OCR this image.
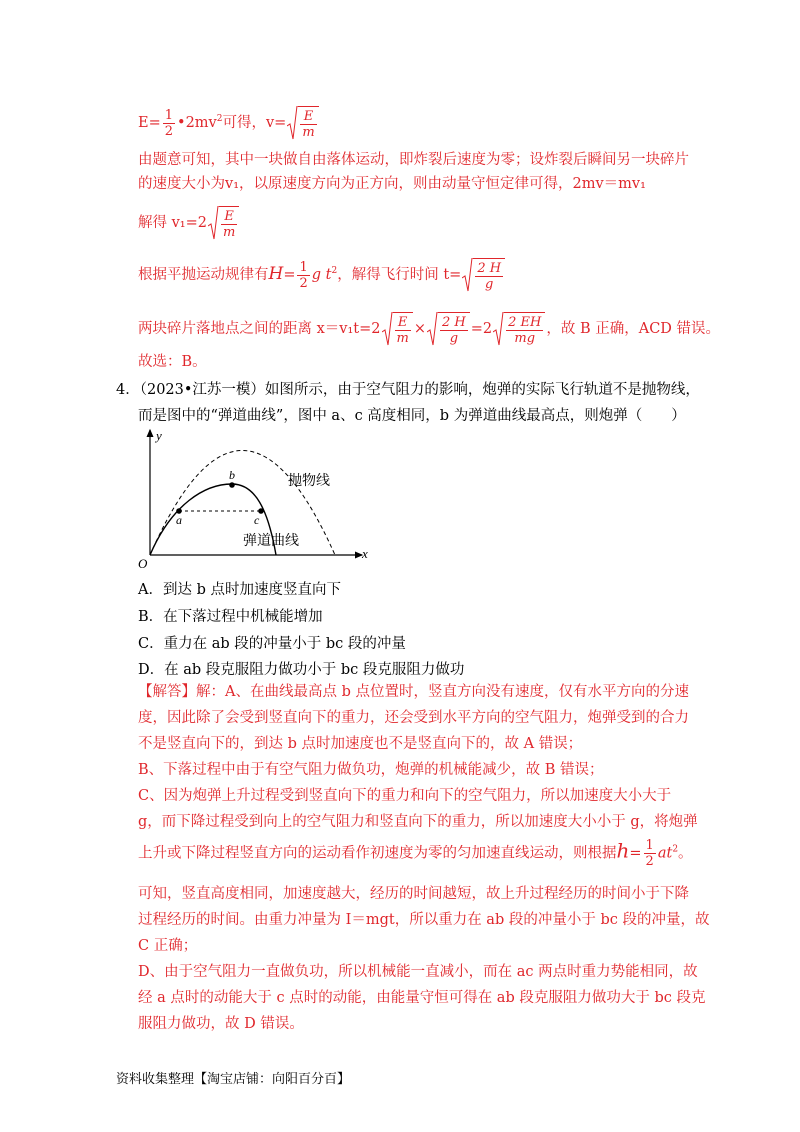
$E= \frac{1}{2}$ $•2mv^2$可得，$v= \frac{E}{m}$
由题意可知，其中一块做自由落体运动，即炸裂后速度为零；设炸裂后瞬间另一块碎片
的速度大小为v₁，以原速度方向为正方向，则由动量守恒定律可得，2mv＝mv₁
解得 $v_1=2 \frac{E}{m}$
根据平抛运动规律有$H= \frac{1}{2}$ g $t^2$，解得飞行时间 $t= \frac{2 H}{g}$
两块碎片落地点之间的距离 $x=v_1t=2 \frac{E}{m} \times \frac{2 H}{g} =2 \frac{2 EH}{mg}$ ，故 B 正确，ACD 错误。
故选：B。
4．（2023•江苏一模）如图所示，由于空气阻力的影响，炮弹的实际飞行轨道不是抛物线，
而是图中的“弹道曲线”，图中 a、c 高度相同，b 为弹道曲线最高点，则炮弹（　　）
y
x
O
a
b
c
抛物线
弹道曲线
A．到达 b 点时加速度竖直向下
B．在下落过程中机械能增加
C．重力在 ab 段的冲量小于 bc 段的冲量
D．在 ab 段克服阻力做功小于 bc 段克服阻力做功
【解答】解：A、在曲线最高点 b 点位置时，竖直方向没有速度，仅有水平方向的分速
度，因此除了会受到竖直向下的重力，还会受到水平方向的空气阻力，炮弹受到的合力
不是竖直向下的，到达 b 点时加速度也不是竖直向下的，故 A 错误；
B、下落过程中由于有空气阻力做负功，炮弹的机械能减少，故 B 错误；
C、因为炮弹上升过程受到竖直向下的重力和向下的空气阻力，所以加速度大小大于
g，而下降过程受到向上的空气阻力和竖直向下的重力，所以加速度大小小于 g，将炮弹
上升或下降过程竖直方向的运动看作初速度为零的匀加速直线运动，则根据$h= \frac{1}{2} at^2$。
可知，竖直高度相同，加速度越大，经历的时间越短，故上升过程经历的时间小于下降
过程经历的时间。由重力冲量为 I＝mgt，所以重力在 ab 段的冲量小于 bc 段的冲量，故
C 正确；
D、由于空气阻力一直做负功，所以机械能一直减小，而在 ac 两点时重力势能相同，故
经 a 点时的动能大于 c 点时的动能，由能量守恒可得在 ab 段克服阻力做功大于 bc 段克
服阻力做功，故 D 错误。
资料收集整理【淘宝店铺：向阳百分百】
